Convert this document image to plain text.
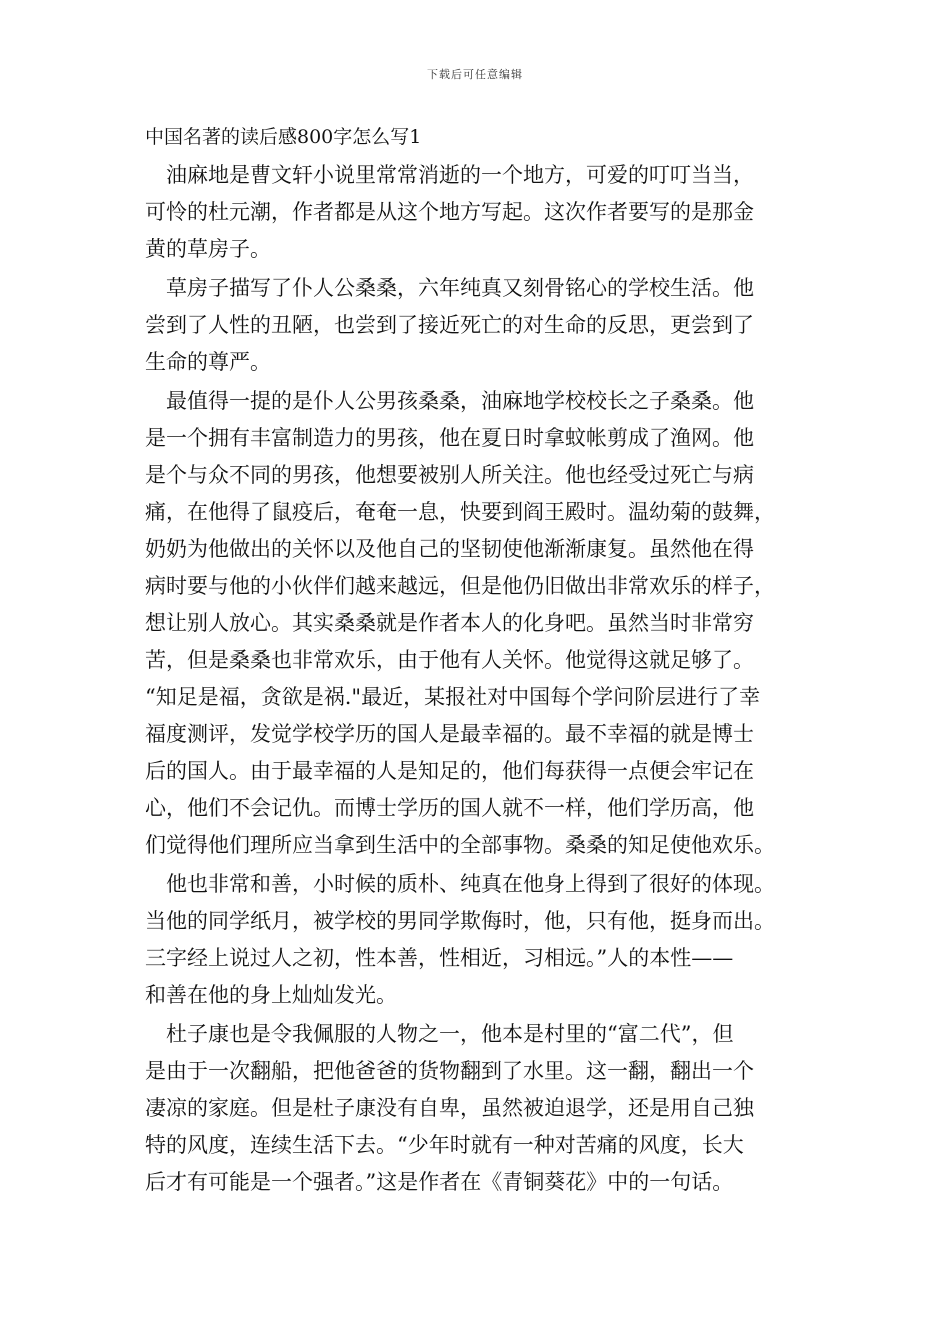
下载后可任意编辑
中国名著的读后感800字怎么写1
　油麻地是曹文轩小说里常常消逝的一个地方，可爱的叮叮当当，
可怜的杜元潮，作者都是从这个地方写起。这次作者要写的是那金
黄的草房子。
　草房子描写了仆人公桑桑，六年纯真又刻骨铭心的学校生活。他
尝到了人性的丑陋，也尝到了接近死亡的对生命的反思，更尝到了
生命的尊严。
　最值得一提的是仆人公男孩桑桑，油麻地学校校长之子桑桑。他
是一个拥有丰富制造力的男孩，他在夏日时拿蚊帐剪成了渔网。他
是个与众不同的男孩，他想要被别人所关注。他也经受过死亡与病
痛，在他得了鼠疫后，奄奄一息，快要到阎王殿时。温幼菊的鼓舞，
奶奶为他做出的关怀以及他自己的坚韧使他渐渐康复。虽然他在得
病时要与他的小伙伴们越来越远，但是他仍旧做出非常欢乐的样子，
想让别人放心。其实桑桑就是作者本人的化身吧。虽然当时非常穷
苦，但是桑桑也非常欢乐，由于他有人关怀。他觉得这就足够了。
“知足是福，贪欲是祸."最近，某报社对中国每个学问阶层进行了幸
福度测评，发觉学校学历的国人是最幸福的。最不幸福的就是博士
后的国人。由于最幸福的人是知足的，他们每获得一点便会牢记在
心，他们不会记仇。而博士学历的国人就不一样，他们学历高，他
们觉得他们理所应当拿到生活中的全部事物。桑桑的知足使他欢乐。
　他也非常和善，小时候的质朴、纯真在他身上得到了很好的体现。
当他的同学纸月，被学校的男同学欺侮时，他，只有他，挺身而出。
三字经上说过人之初，性本善，性相近，习相远。”人的本性——
和善在他的身上灿灿发光。
　杜子康也是令我佩服的人物之一，他本是村里的“富二代”，但
是由于一次翻船，把他爸爸的货物翻到了水里。这一翻，翻出一个
凄凉的家庭。但是杜子康没有自卑，虽然被迫退学，还是用自己独
特的风度，连续生活下去。“少年时就有一种对苦痛的风度，长大
后才有可能是一个强者。”这是作者在《青铜葵花》中的一句话。
